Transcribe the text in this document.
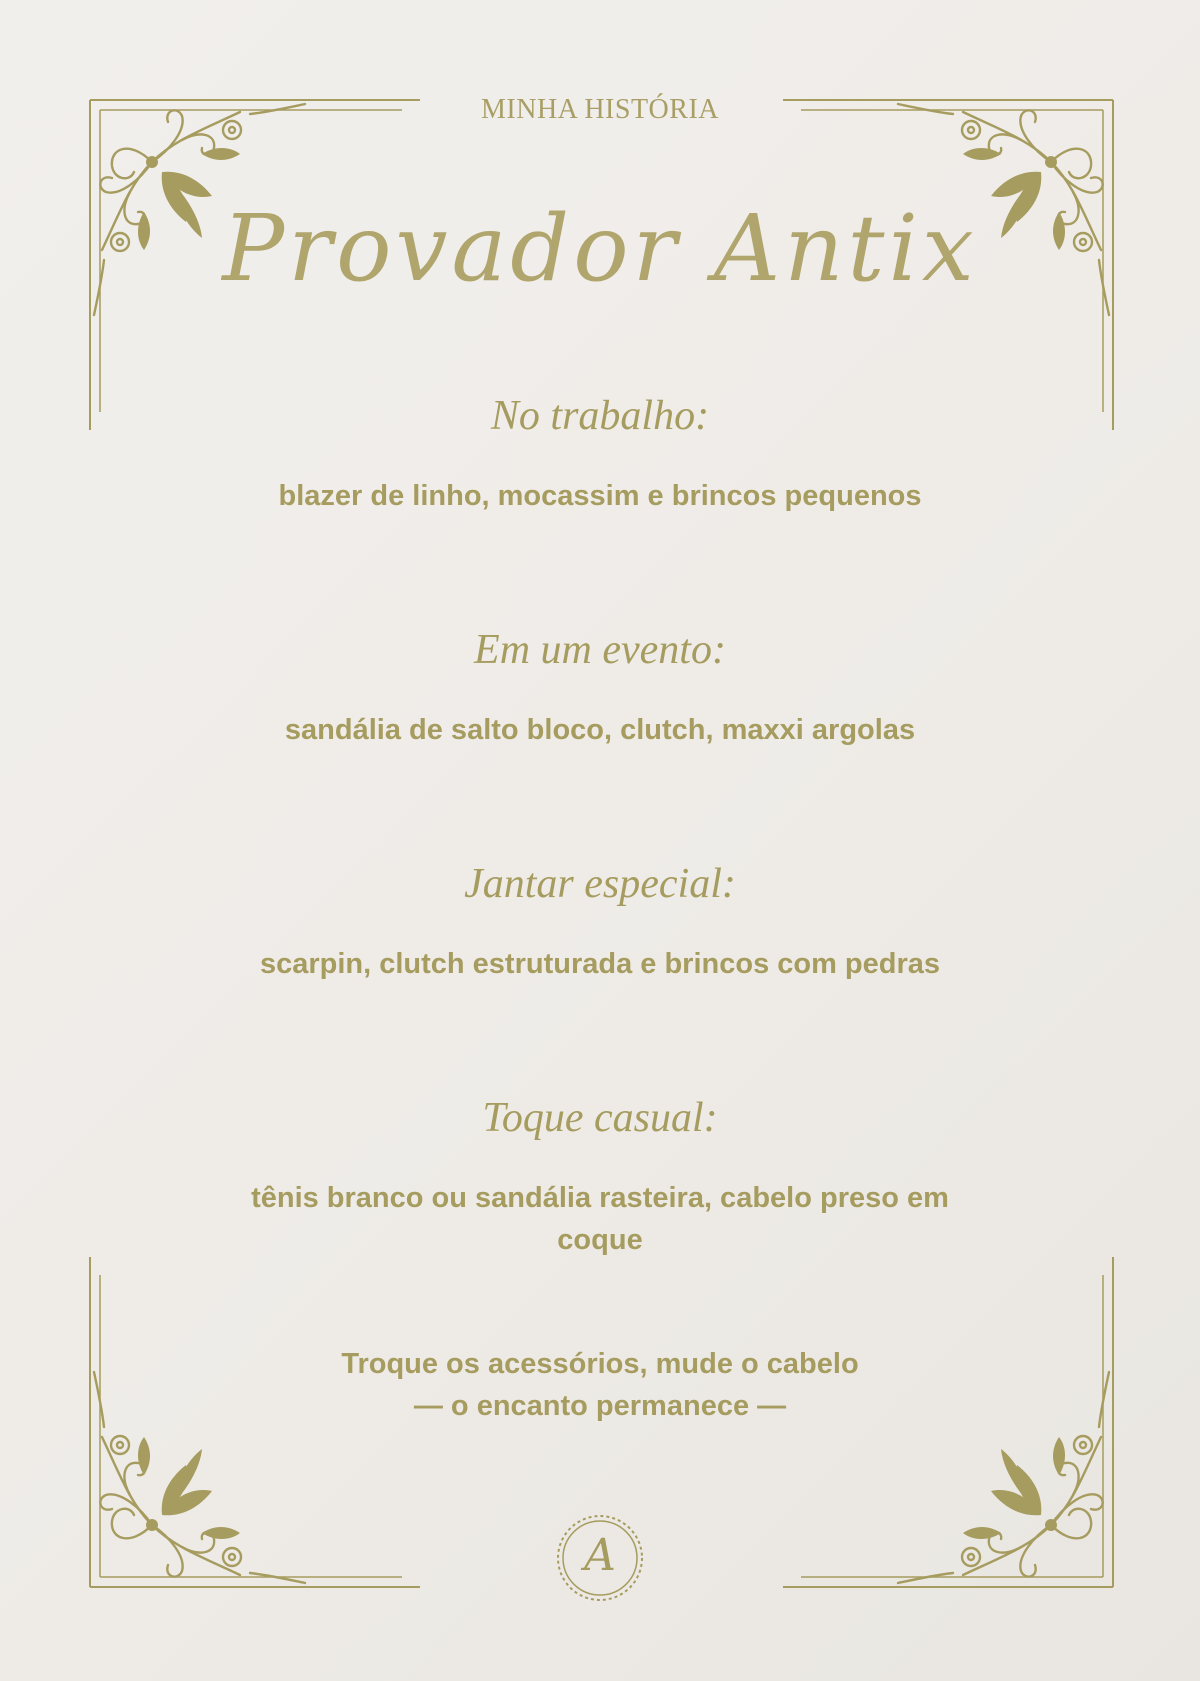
MINHA HISTÓRIA
Provador Antix
No trabalho:
blazer de linho, mocassim e brincos pequenos
Em um evento:
sandália de salto bloco, clutch, maxxi argolas
Jantar especial:
scarpin, clutch estruturada e brincos com pedras
Toque casual:
tênis branco ou sandália rasteira, cabelo preso em coque
Troque os acessórios, mude o cabelo
— o encanto permanece —
A
